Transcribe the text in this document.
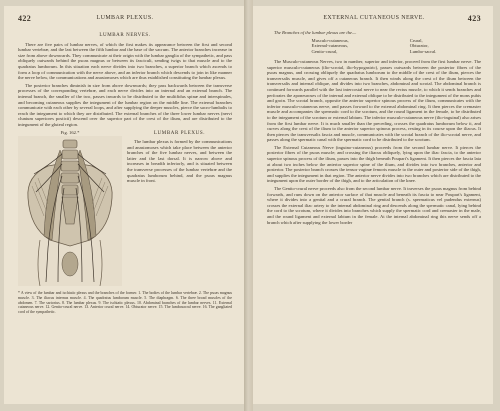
422	LUMBAR PLEXUS.
LUMBAR NERVES.

There are five pairs of lumbar nerves, of which the first makes its appearance between the first and second lumbar vertebræ, and the last between the fifth lumbar and the base of the sacrum. The anterior branches increase in size from above downwards. They communicate at their origin with the lumbar ganglia of the sympathetic, and pass obliquely outwards behind the psoas magnus or between its fasciculi, sending twigs to that muscle and to the quadratus lumborum. In this situation each nerve divides into two branches, a superior branch which ascends to form a loop of communication with the nerve above, and an inferior branch which descends to join in like manner the nerve below, the communications and anastomoses which are thus established constituting the lumbar plexus.

The posterior branches diminish in size from above downwards; they pass backwards between the transverse processes of the corresponding vertebræ, and each nerve divides into an internal and an external branch. The internal branch, the smaller of the two, passes inwards to be distributed to the multifidus spinæ and interspinales, and becoming cutaneous supplies the integument of the lumbar region on the middle line. The external branches communicate with each other by several loops, and after supplying the deeper muscles, pierce the sacro-lumbalis to reach the integument to which they are distributed. The external branches of the three lower lumbar nerves (nervi clunium superiores posticii) descend over the superior part of the crest of the ilium, and are distributed to the integument of the gluteal region.

Fig. 162.*	LUMBAR PLEXUS.

The lumbar plexus is formed by the communications and anastomoses which take place between the anterior branches of the five lumbar nerves, and between the latter and the last dorsal. It is narrow above and increases in breadth inferiorly, and is situated between the transverse processes of the lumbar vertebræ and the quadratus lumborum behind, and the psoas magnus muscle in front.

* A view of the lumbar and ischiatic plexus and the branches of the former. 1. The bodies of the lumbar vertebræ. 2. The psoas magnus muscle. 3. The iliacus internus muscle. 4. The quadratus lumborum muscle. 5. The diaphragm. 6. The three broad muscles of the abdomen. 7. The sartorius. 8. The lumbar plexus. 9. The ischiatic plexus. 10. Abdominal branches of the lumbar nerves. 11. External cutaneous nerve. 12. Genito-crural nerve. 13. Anterior crural nerve. 14. Obturator nerve. 15. The lumbosacral nerve. 16. The gangliated cord of the sympathetic.
EXTERNAL CUTANEOUS NERVE.	423

The Branches of the lumbar plexus are the—

Musculo-cutaneous,
External-cutaneous,
Genito-crural,
Crural,
Obturator,
Lumbo-sacral.

The Musculo-cutaneous Nerves, two in number, superior and inferior, proceed from the first lumbar nerve. The superior musculo-cutaneous (ilio-scrotal, ilio-hypogastric), passes outwards between the posterior fibres of the psoas magnus, and crossing obliquely the quadratus lumborum to the middle of the crest of the ilium, pierces the transversalis muscle, and gives off a cutaneous branch. It then winds along the crest of the ilium between the transversalis and internal oblique, and divides into two branches, abdominal and scrotal. The abdominal branch is continued forwards parallel with the last intercostal nerve to near the rectus muscle, to which it sends branches and perforates the aponeuroses of the internal and external oblique to be distributed to the integument of the mons pubis and groin. The scrotal branch, opposite the anterior superior spinous process of the ilium, communicates with the inferior musculo-cutaneous nerve, and passes forward to the external abdominal ring. It then pierces the cremaster muscle and accompanies the spermatic cord to the scrotum, and the round ligament in the female, to be distributed to the integument of the scrotum or external labium. The inferior musculo-cutaneous nerve (ilio-inguinal) also arises from the first lumbar nerve. It is much smaller than the preceding, crosses the quadratus lumborum below it, and curves along the crest of the ilium to the anterior superior spinous process, resting in its course upon the iliacus. It then pierces the transversalis fascia and muscle, communicates with the scrotal branch of the ilio-scrotal nerve, and passes along the spermatic canal with the spermatic cord to be distributed to the scrotum.

The External Cutaneous Nerve (inguino-cutaneous) proceeds from the second lumbar nerve. It pierces the posterior fibres of the psoas muscle; and crossing the iliacus obliquely, lying upon the iliac fascia, to the anterior superior spinous process of the ilium, passes into the thigh beneath Poupart's ligament. It then pierces the fascia lata at about two inches below the anterior superior spine of the ilium, and divides into two branches, anterior and posterior. The posterior branch crosses the tensor vaginæ femoris muscle to the outer and posterior side of the thigh, and supplies the integument in that region. The anterior nerve divides into two branches which are distributed to the integument upon the outer border of the thigh, and to the articulation of the knee.

The Genito-crural nerve proceeds also from the second lumbar nerve. It traverses the psoas magnus from behind forwards, and runs down on the anterior surface of that muscle and beneath its fascia to near Poupart's ligament, where it divides into a genital and a crural branch. The genital branch (s. spermaticus vel pudendus externus) crosses the external iliac artery to the internal abdominal ring and descends along the spermatic canal, lying behind the cord to the scrotum, where it divides into branches which supply the spermatic cord and cremaster in the male, and the round ligament and external labium in the female. At the internal abdominal ring this nerve sends off a branch which after supplying the lower border
